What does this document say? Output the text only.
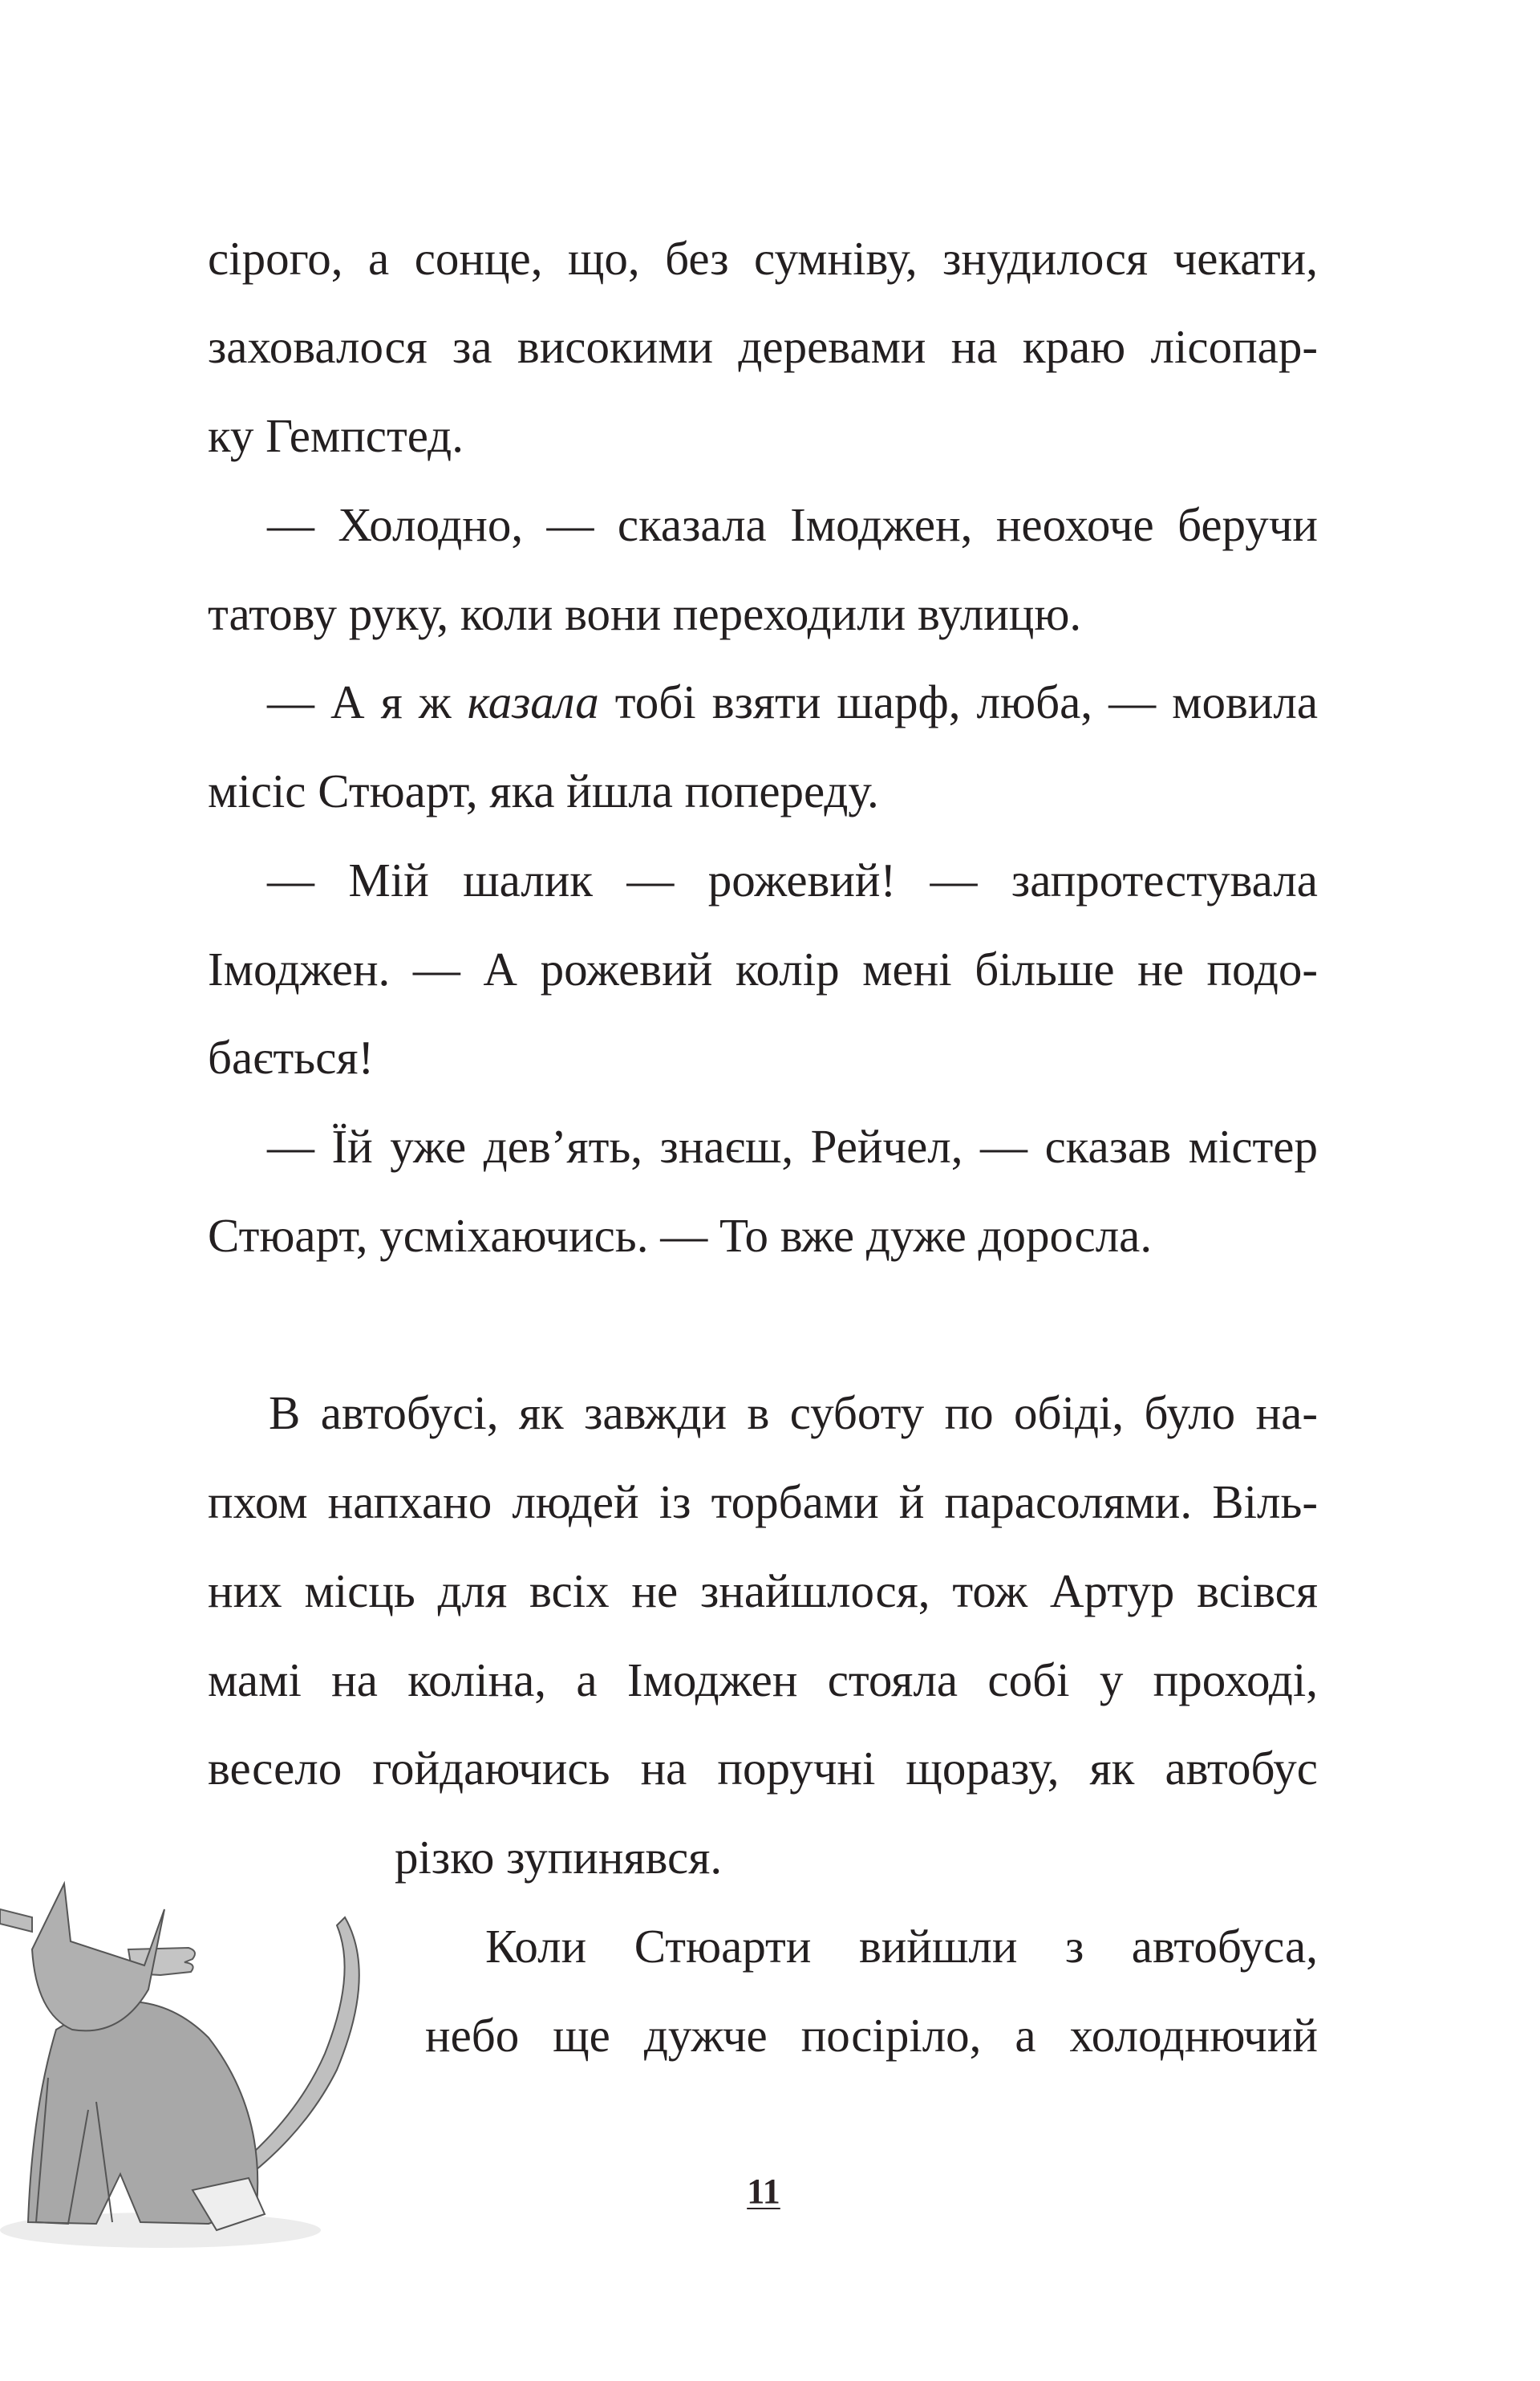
сірого, а сонце, що, без сумніву, знудилося чекати,
заховалося за високими деревами на краю лісопар-
ку Гемпстед.
— Холодно, — сказала Імоджен, неохоче беручи
татову руку, коли вони переходили вулицю.
— А я ж казала тобі взяти шарф, люба, — мовила
місіс Стюарт, яка йшла попереду.
— Мій шалик — рожевий! — запротестувала
Імоджен. — А рожевий колір мені більше не подо-
бається!
— Їй уже дев’ять, знаєш, Рейчел, — сказав містер
Стюарт, усміхаючись. — То вже дуже доросла.
В автобусі, як завжди в суботу по обіді, було на-
пхом напхано людей із торбами й парасолями. Віль-
них місць для всіх не знайшлося, тож Артур всівся
мамі на коліна, а Імоджен стояла собі у проході,
весело гойдаючись на поручні щоразу, як автобус
різко зупинявся.
Коли Стюарти вийшли з автобуса,
небо ще дужче посіріло, а холоднючий
11
